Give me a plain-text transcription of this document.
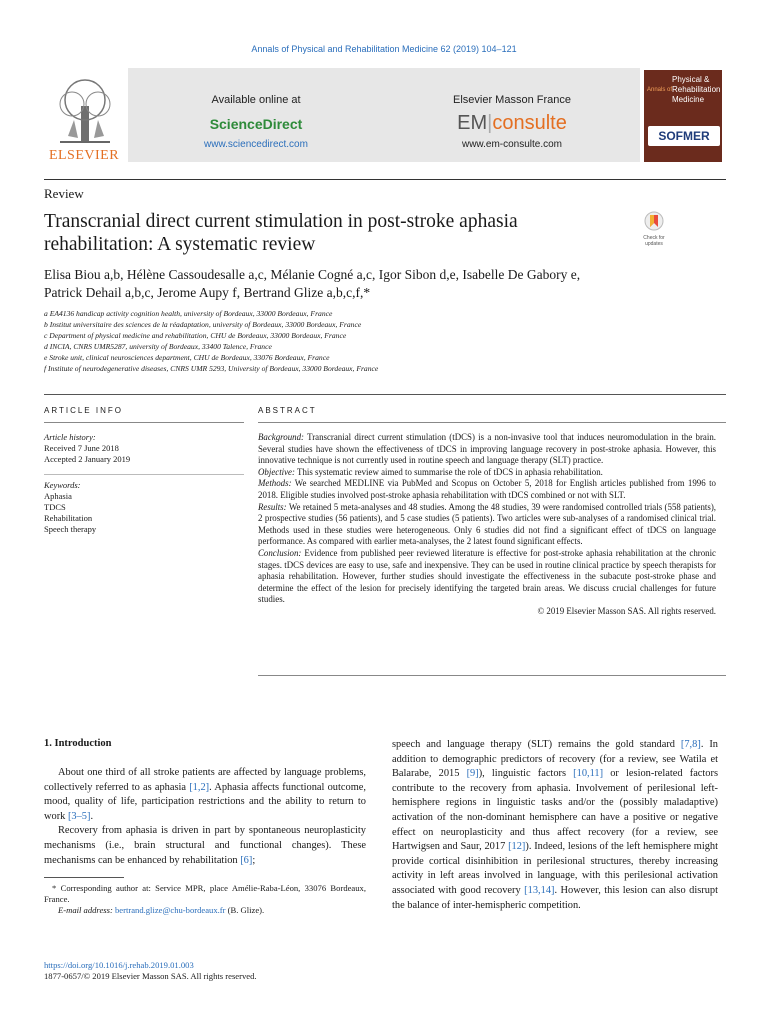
Annals of Physical and Rehabilitation Medicine 62 (2019) 104–121
ELSEVIER
Available online at
ScienceDirect
www.sciencedirect.com
Elsevier Masson France
EM|consulte
www.em-consulte.com
Annals of
Physical & Rehabilitation Medicine
SOFMER
Review
Transcranial direct current stimulation in post-stroke aphasia rehabilitation: A systematic review	Check for updates
Elisa Biou a,b, Hélène Cassoudesalle a,c, Mélanie Cogné a,c, Igor Sibon d,e, Isabelle De Gabory e,
Patrick Dehail a,b,c, Jerome Aupy f, Bertrand Glize a,b,c,f,*
a EA4136 handicap activity cognition health, university of Bordeaux, 33000 Bordeaux, France
b Institut universitaire des sciences de la réadaptation, university of Bordeaux, 33000 Bordeaux, France
c Department of physical medicine and rehabilitation, CHU de Bordeaux, 33000 Bordeaux, France
d INCIA, CNRS UMR5287, university of Bordeaux, 33400 Talence, France
e Stroke unit, clinical neurosciences department, CHU de Bordeaux, 33076 Bordeaux, France
f Institute of neurodegenerative diseases, CNRS UMR 5293, University of Bordeaux, 33000 Bordeaux, France
ARTICLE INFO
Article history:
Received 7 June 2018
Accepted 2 January 2019
Keywords:
Aphasia
TDCS
Rehabilitation
Speech therapy
ABSTRACT

Background: Transcranial direct current stimulation (tDCS) is a non-invasive tool that induces neuromodulation in the brain. Several studies have shown the effectiveness of tDCS in improving language recovery in post-stroke aphasia. However, this innovative technique is not currently used in routine speech and language therapy (SLT) practice.

Objective: This systematic review aimed to summarise the role of tDCS in aphasia rehabilitation.

Methods: We searched MEDLINE via PubMed and Scopus on October 5, 2018 for English articles published from 1996 to 2018. Eligible studies involved post-stroke aphasia rehabilitation with tDCS combined or not with SLT.

Results: We retained 5 meta-analyses and 48 studies. Among the 48 studies, 39 were randomised controlled trials (558 patients), 2 prospective studies (56 patients), and 5 case studies (5 patients). Two articles were sub-analyses of a randomised clinical trial. Methods used in these studies were heterogeneous. Only 6 studies did not find a significant effect of tDCS on language performance. As compared with earlier meta-analyses, the 2 latest found significant effects.

Conclusion: Evidence from published peer reviewed literature is effective for post-stroke aphasia rehabilitation at the chronic stages. tDCS devices are easy to use, safe and inexpensive. They can be used in routine clinical practice by speech therapists for aphasia rehabilitation. However, further studies should investigate the effectiveness in the subacute post-stroke phase and determine the effect of the lesion for precisely identifying the targeted brain areas. We discuss crucial challenges for future studies.

© 2019 Elsevier Masson SAS. All rights reserved.

1. Introduction

About one third of all stroke patients are affected by language problems, collectively referred to as aphasia [1,2]. Aphasia affects functional outcome, mood, quality of life, participation restrictions and the ability to return to work [3–5].

Recovery from aphasia is driven in part by spontaneous neuroplasticity mechanisms (i.e., brain structural and functional changes). These mechanisms can be enhanced by rehabilitation [6];

speech and language therapy (SLT) remains the gold standard [7,8]. In addition to demographic predictors of recovery (for a review, see Watila et Balarabe, 2015 [9]), linguistic factors [10,11] or lesion-related factors contribute to the recovery from aphasia. Involvement of perilesional left-hemisphere regions in linguistic tasks and/or the (possibly maladaptive) activation of the non-dominant hemisphere can have a positive or negative effect on neuroplasticity and thus affect recovery (for a review, see Hartwigsen and Saur, 2017 [12]). Indeed, lesions of the left hemisphere might provide cortical disinhibition in perilesional structures, thereby increasing activity in left areas involved in language, with this perilesional activation associated with good recovery [13,14]. However, this lesion can also disrupt the balance of inter-hemispheric competition.

* Corresponding author at: Service MPR, place Amélie-Raba-Léon, 33076 Bordeaux, France.
E-mail address: bertrand.glize@chu-bordeaux.fr (B. Glize).
https://doi.org/10.1016/j.rehab.2019.01.003
1877-0657/© 2019 Elsevier Masson SAS. All rights reserved.
